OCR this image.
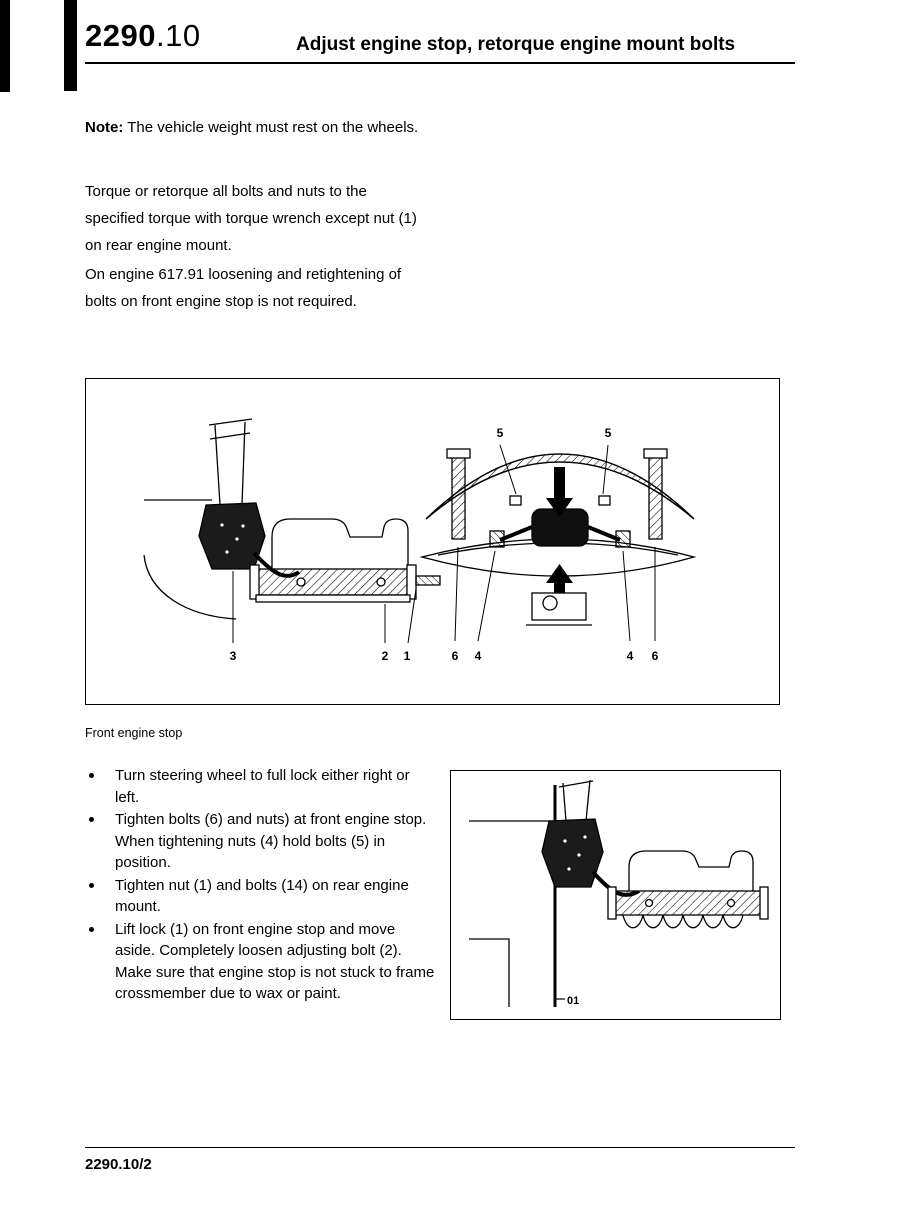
2290.10	Adjust engine stop, retorque engine mount bolts

Note: The vehicle weight must rest on the wheels.

Torque or retorque all bolts and nuts to the specified torque with torque wrench except nut (1) on rear engine mount.

On engine 617.91 loosening and retightening of bolts on front engine stop is not required.

5	5
3	2 1	6 4	4 6

Front engine stop

Turn steering wheel to full lock either right or left.
Tighten bolts (6) and nuts) at front engine stop. When tightening nuts (4) hold bolts (5) in position.
Tighten nut (1) and bolts (14) on rear engine mount.
Lift lock (1) on front engine stop and move aside. Completely loosen adjusting bolt (2). Make sure that engine stop is not stuck to frame crossmember due to wax or paint.	01

2290.10/2
